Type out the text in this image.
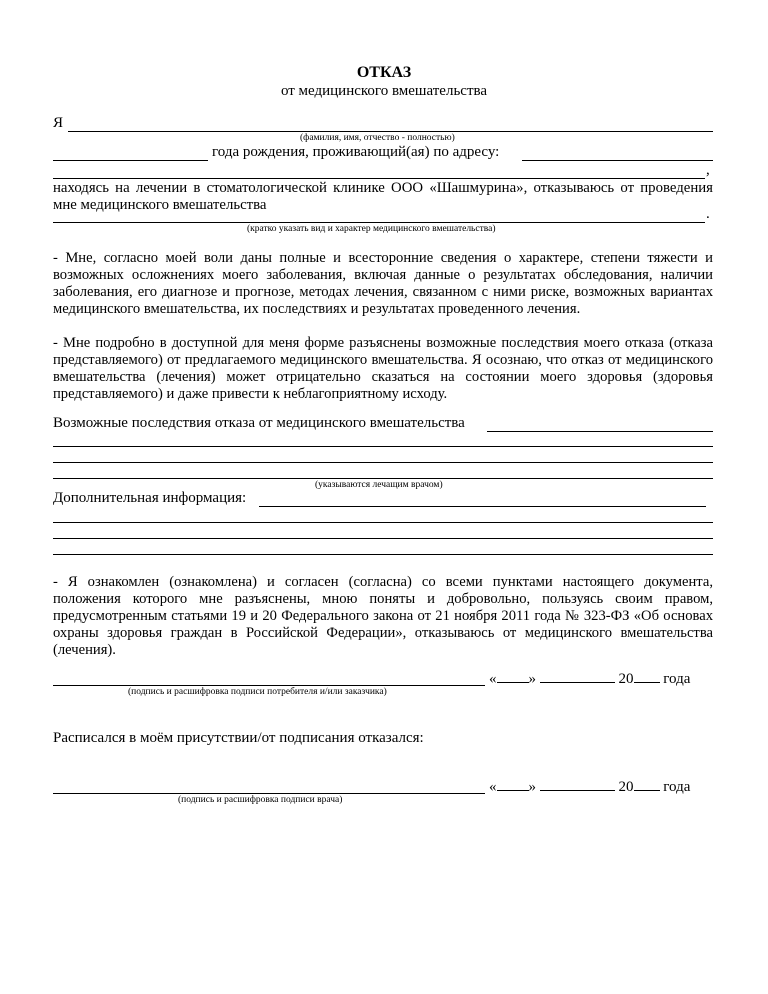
ОТКАЗ
от медицинского вмешательства
Я
(фамилия, имя, отчество - полностью)
года рождения, проживающий(ая) по адресу:
,
находясь на лечении в стоматологической клинике ООО «Шашмурина», отказываюсь от проведения мне медицинского вмешательства
.
(кратко указать вид и характер медицинского вмешательства)
- Мне, согласно моей воли даны полные и всесторонние сведения о характере, степени тяжести и возможных осложнениях моего заболевания, включая данные о результатах обследования, наличии заболевания, его диагнозе и прогнозе, методах лечения, связанном с ними риске, возможных вариантах медицинского вмешательства, их последствиях и результатах проведенного лечения.
- Мне подробно в доступной для меня форме разъяснены возможные последствия моего отказа (отказа представляемого) от предлагаемого медицинского вмешательства. Я осознаю, что отказ от медицинского вмешательства (лечения) может отрицательно сказаться на состоянии моего здоровья (здоровья представляемого) и даже привести к неблагоприятному исходу.
Возможные последствия отказа от медицинского вмешательства
(указываются лечащим врачом)
Дополнительная информация:
- Я ознакомлен (ознакомлена) и согласен (согласна) со всеми пунктами настоящего документа, положения которого мне разъяснены, мною поняты и добровольно, пользуясь своим правом, предусмотренным статьями 19 и 20 Федерального закона от 21 ноября 2011 года № 323-ФЗ «Об основах охраны здоровья граждан в Российской Федерации», отказываюсь от медицинского вмешательства (лечения).
« »	20 года
(подпись и расшифровка подписи потребителя и/или заказчика)
Расписался в моём присутствии/от подписания отказался:
« »	20 года
(подпись и расшифровка подписи врача)
